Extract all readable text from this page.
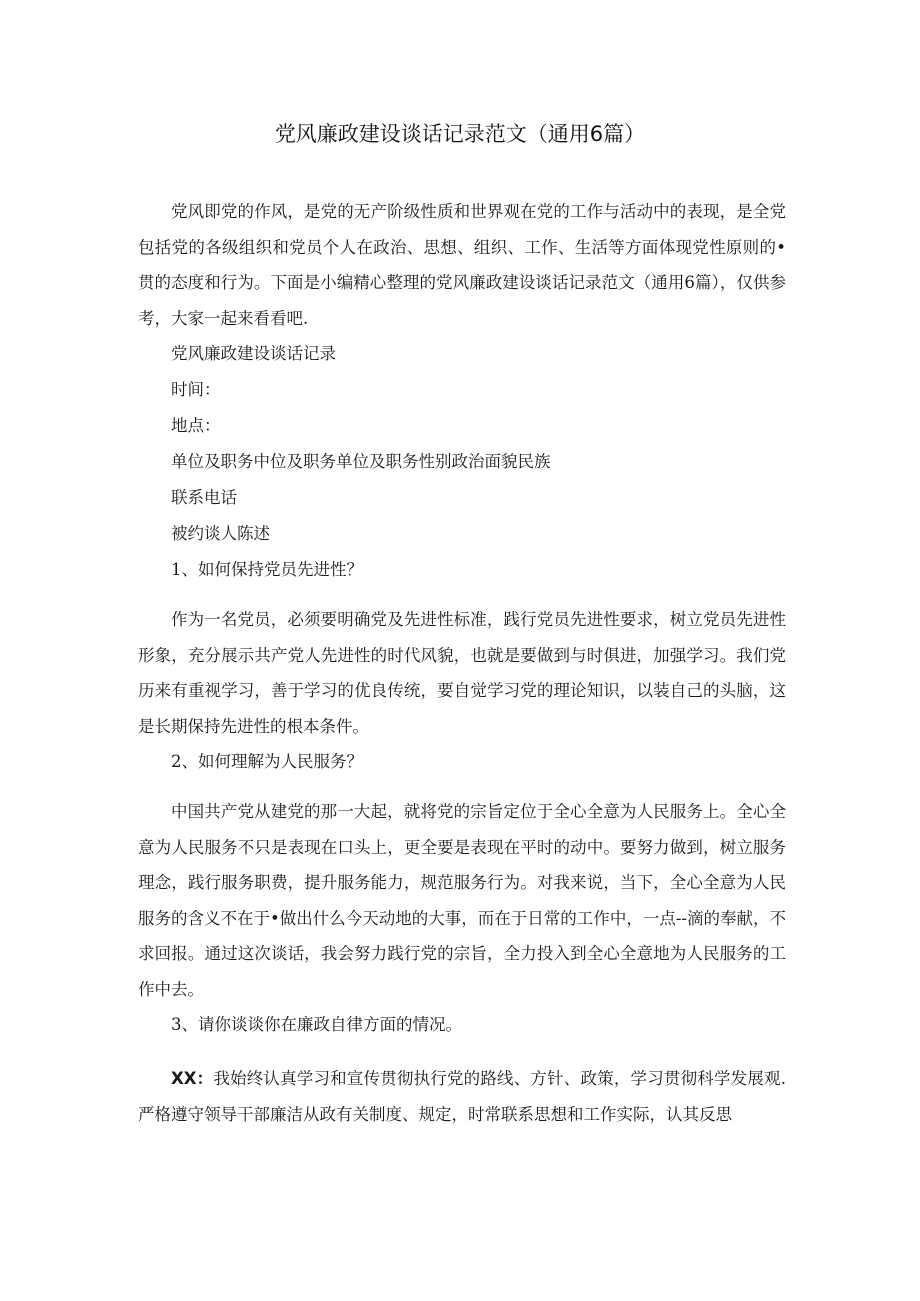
党风廉政建设谈话记录范文（通用6篇）

党风即党的作风，是党的无产阶级性质和世界观在党的工作与活动中的表现，是全党包括党的各级组织和党员个人在政治、思想、组织、工作、生活等方面体现党性原则的•贯的态度和行为。下面是小编精心整理的党风廉政建设谈话记录范文（通用6篇），仅供参考，大家一起来看看吧.

党风廉政建设谈话记录

时间：

地点：

单位及职务中位及职务单位及职务性别政治面貌民族

联系电话

被约谈人陈述

1、如何保持党员先进性？

作为一名党员，必须要明确党及先进性标准，践行党员先进性要求，树立党员先进性形象，充分展示共产党人先进性的时代风貌，也就是要做到与时俱进，加强学习。我们党历来有重视学习，善于学习的优良传统，要自觉学习党的理论知识，以装自己的头脑，这是长期保持先进性的根本条件。

2、如何理解为人民服务？

中国共产党从建党的那一大起，就将党的宗旨定位于全心全意为人民服务上。全心全意为人民服务不只是表现在口头上，更全要是表现在平时的动中。要努力做到，树立服务理念，践行服务职费，提升服务能力，规范服务行为。对我来说，当下，全心全意为人民服务的含义不在于•做出什么今天动地的大事，而在于日常的工作中，一点--滴的奉献，不求回报。通过这次谈话，我会努力践行党的宗旨，全力投入到全心全意地为人民服务的工作中去。

3、请你谈谈你在廉政自律方面的情况。

XX：我始终认真学习和宣传贯彻执行党的路线、方针、政策，学习贯彻科学发展观.严格遵守领导干部廉洁从政有关制度、规定，时常联系思想和工作实际，认其反思
